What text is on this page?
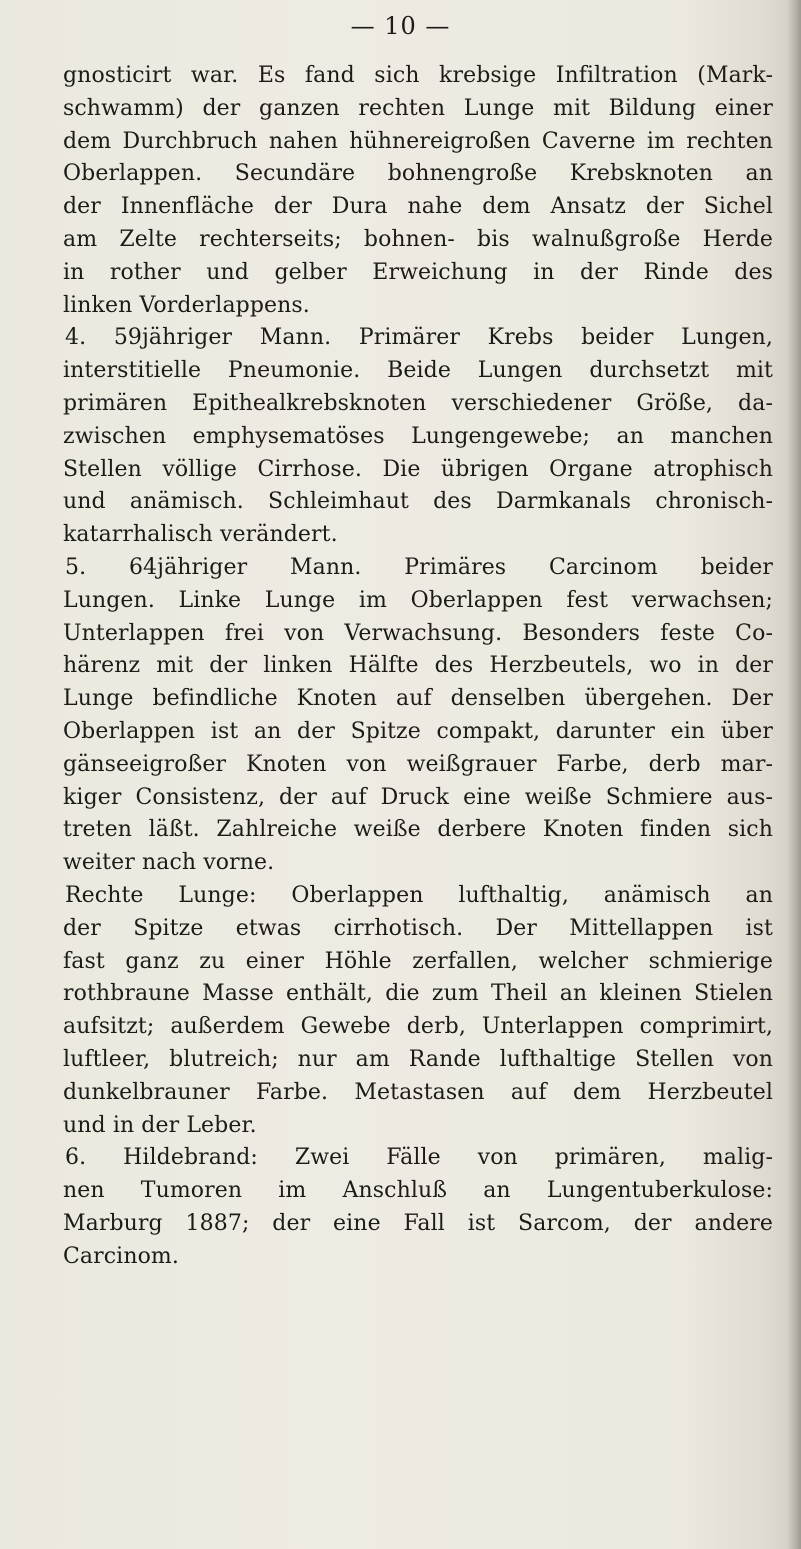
— 10 —
gnosticirt war. Es fand sich krebsige Infiltration (Mark-
schwamm) der ganzen rechten Lunge mit Bildung einer
dem Durchbruch nahen hühnereigroßen Caverne im rechten
Oberlappen. Secundäre bohnengroße Krebsknoten an
der Innenfläche der Dura nahe dem Ansatz der Sichel
am Zelte rechterseits; bohnen- bis walnußgroße Herde
in rother und gelber Erweichung in der Rinde des
linken Vorderlappens.
4. 59jähriger Mann. Primärer Krebs beider Lungen,
interstitielle Pneumonie. Beide Lungen durchsetzt mit
primären Epithealkrebsknoten verschiedener Größe, da-
zwischen emphysematöses Lungengewebe; an manchen
Stellen völlige Cirrhose. Die übrigen Organe atrophisch
und anämisch. Schleimhaut des Darmkanals chronisch-
katarrhalisch verändert.
5. 64jähriger Mann. Primäres Carcinom beider
Lungen. Linke Lunge im Oberlappen fest verwachsen;
Unterlappen frei von Verwachsung. Besonders feste Co-
härenz mit der linken Hälfte des Herzbeutels, wo in der
Lunge befindliche Knoten auf denselben übergehen. Der
Oberlappen ist an der Spitze compakt, darunter ein über
gänseeigroßer Knoten von weißgrauer Farbe, derb mar-
kiger Consistenz, der auf Druck eine weiße Schmiere aus-
treten läßt. Zahlreiche weiße derbere Knoten finden sich
weiter nach vorne.
Rechte Lunge: Oberlappen lufthaltig, anämisch an
der Spitze etwas cirrhotisch. Der Mittellappen ist
fast ganz zu einer Höhle zerfallen, welcher schmierige
rothbraune Masse enthält, die zum Theil an kleinen Stielen
aufsitzt; außerdem Gewebe derb, Unterlappen comprimirt,
luftleer, blutreich; nur am Rande lufthaltige Stellen von
dunkelbrauner Farbe. Metastasen auf dem Herzbeutel
und in der Leber.
6. Hildebrand: Zwei Fälle von primären, malig-
nen Tumoren im Anschluß an Lungentuberkulose:
Marburg 1887; der eine Fall ist Sarcom, der andere
Carcinom.
